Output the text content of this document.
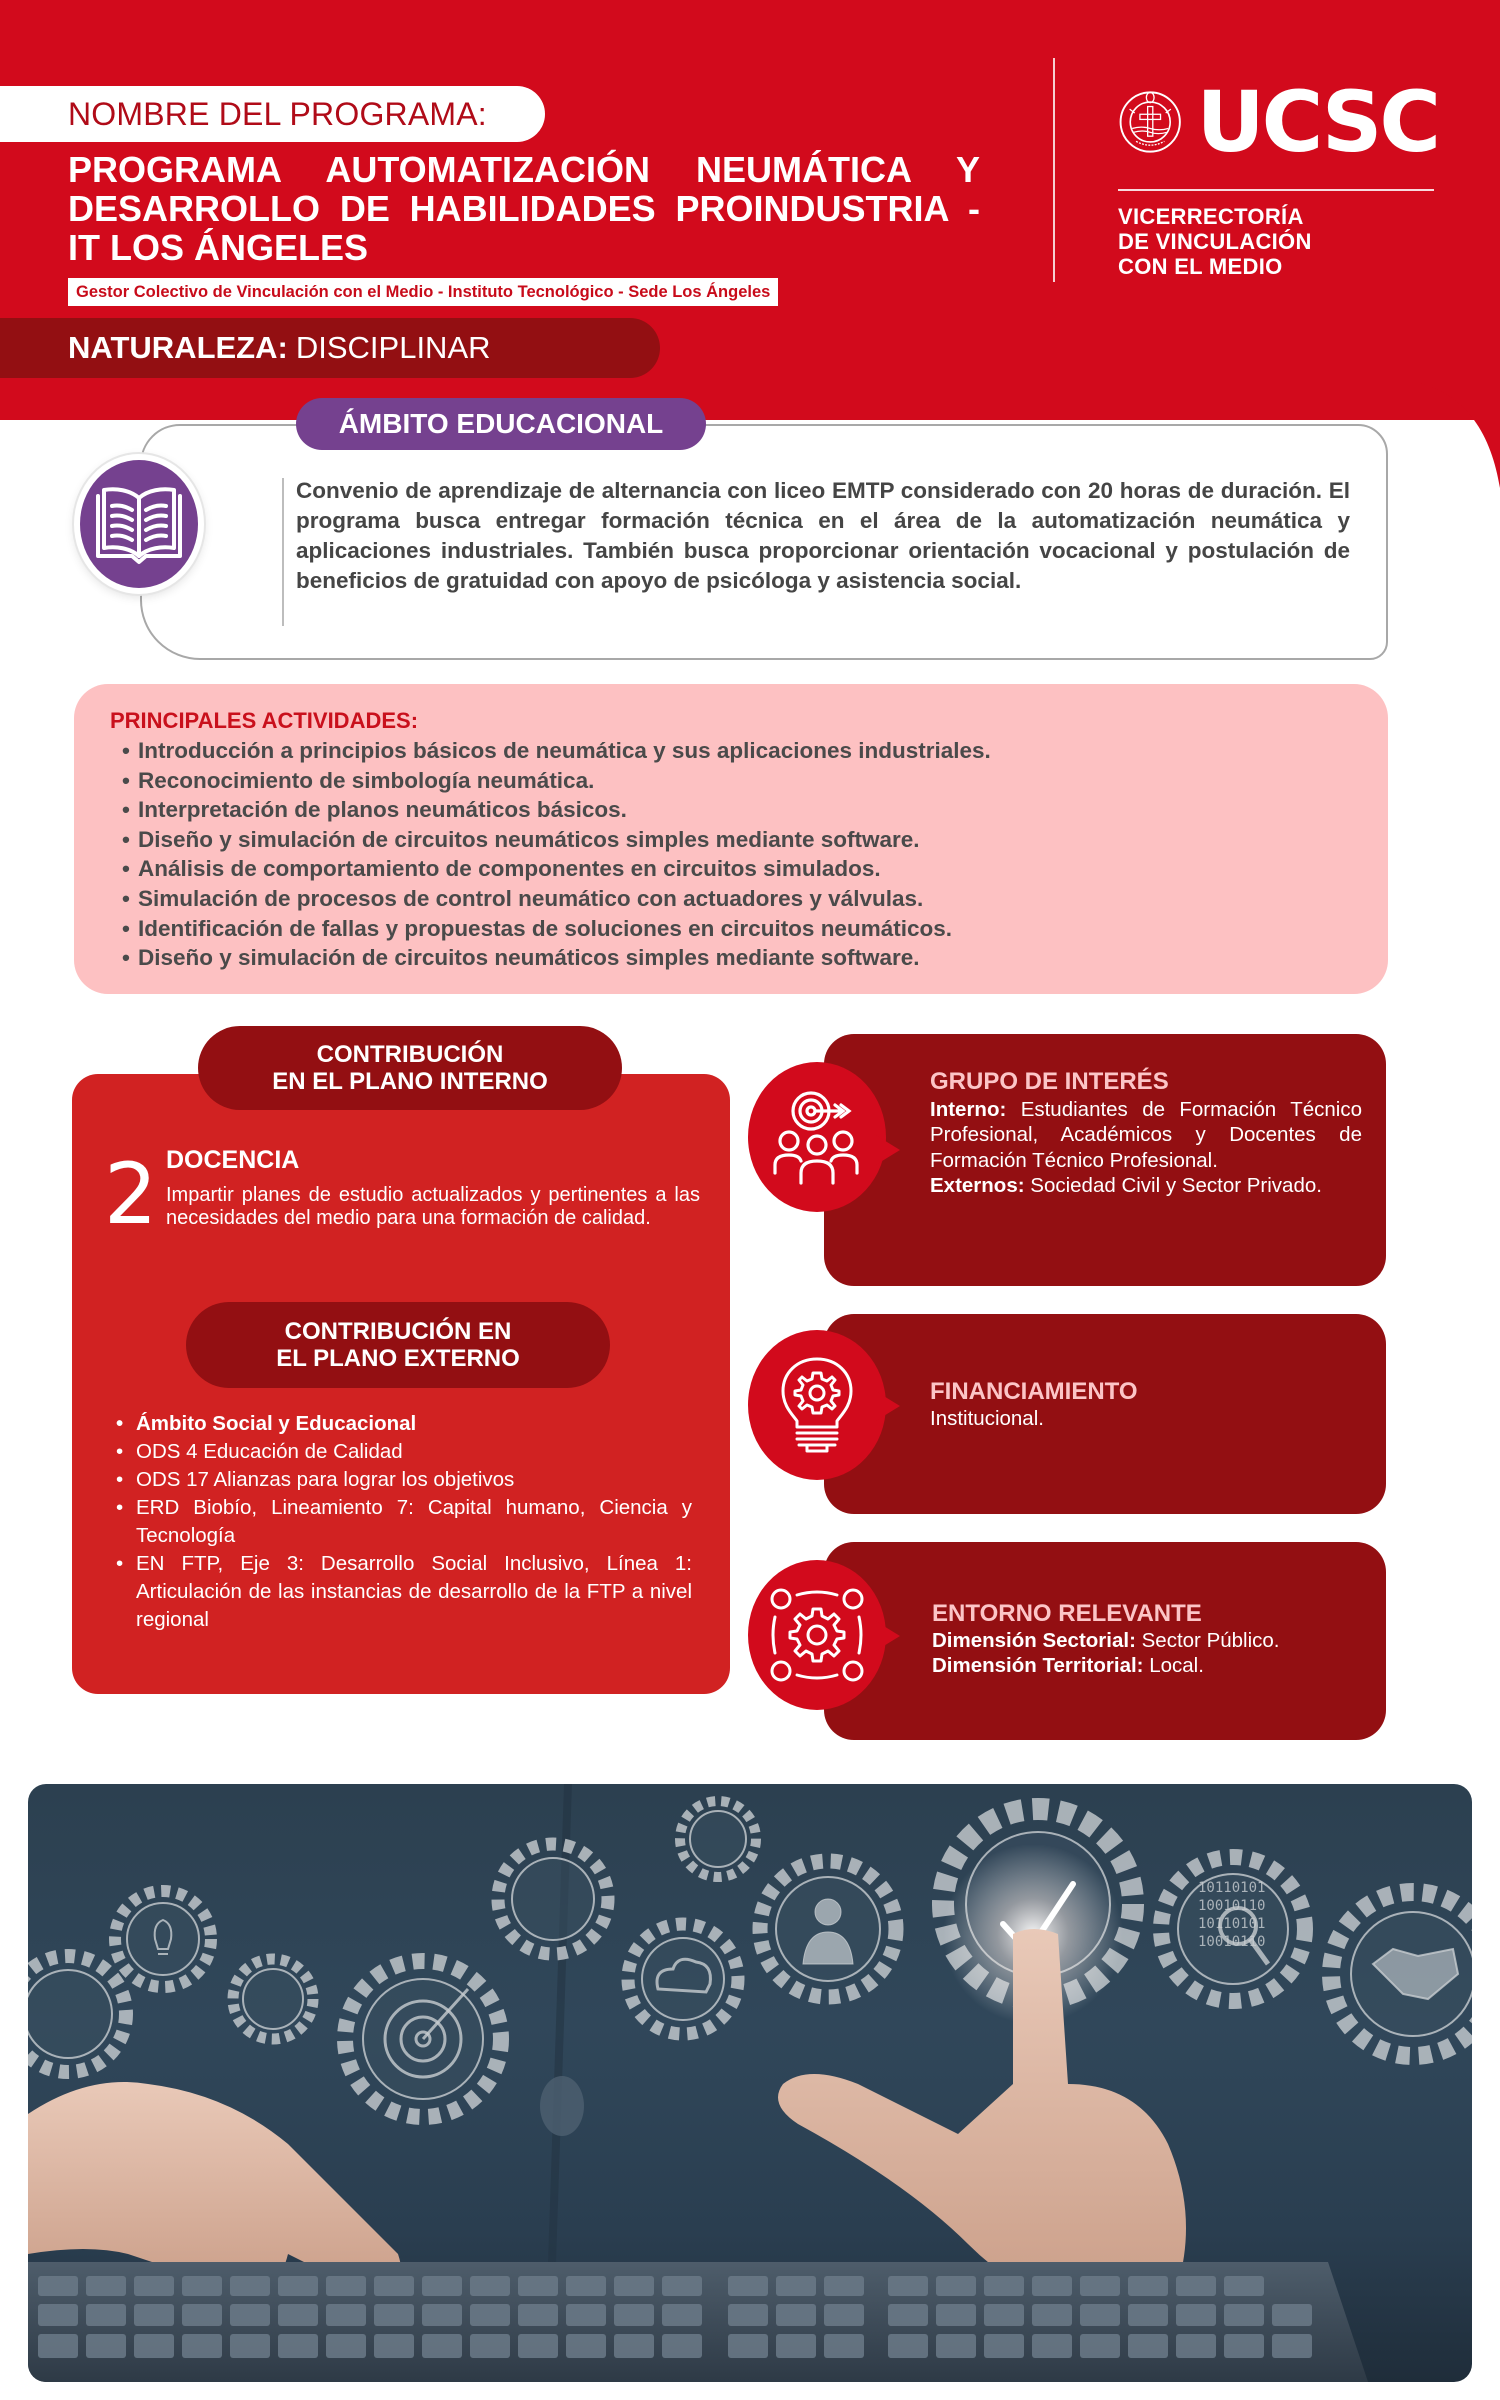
NOMBRE DEL PROGRAMA:
PROGRAMA AUTOMATIZACIÓN NEUMÁTICA Y DESARROLLO DE HABILIDADES PROINDUSTRIA - IT LOS ÁNGELES
Gestor Colectivo de Vinculación con el Medio - Instituto Tecnológico - Sede Los Ángeles
NATURALEZA: DISCIPLINAR
UCSC
VICERRECTORÍA
DE VINCULACIÓN
CON EL MEDIO
ÁMBITO EDUCACIONAL
Convenio de aprendizaje de alternancia con liceo EMTP considerado con 20 horas de duración. El programa busca entregar formación técnica en el área de la automatización neumática y aplicaciones industriales. También busca proporcionar orientación vocacional y postulación de beneficios de gratuidad con apoyo de psicóloga y asistencia social.
PRINCIPALES ACTIVIDADES:
• Introducción a principios básicos de neumática y sus aplicaciones industriales.
• Reconocimiento de simbología neumática.
• Interpretación de planos neumáticos básicos.
• Diseño y simulación de circuitos neumáticos simples mediante software.
• Análisis de comportamiento de componentes en circuitos simulados.
• Simulación de procesos de control neumático con actuadores y válvulas.
• Identificación de fallas y propuestas de soluciones en circuitos neumáticos.
• Diseño y simulación de circuitos neumáticos simples mediante software.
CONTRIBUCIÓN
EN EL PLANO INTERNO
2 DOCENCIA
Impartir planes de estudio actualizados y pertinentes a las necesidades del medio para una formación de calidad.
CONTRIBUCIÓN EN
EL PLANO EXTERNO
• Ámbito Social y Educacional
• ODS 4 Educación de Calidad
• ODS 17 Alianzas para lograr los objetivos
• ERD Biobío, Lineamiento 7: Capital humano, Ciencia y Tecnología
• EN FTP, Eje 3: Desarrollo Social Inclusivo, Línea 1: Articulación de las instancias de desarrollo de la FTP a nivel regional
GRUPO DE INTERÉS
Interno: Estudiantes de Formación Técnico Profesional, Académicos y Docentes de Formación Técnico Profesional.
Externos: Sociedad Civil y Sector Privado.
FINANCIAMIENTO
Institucional.
ENTORNO RELEVANTE
Dimensión Sectorial: Sector Público.
Dimensión Territorial: Local.
10110101
10010110
10110101
10010110
